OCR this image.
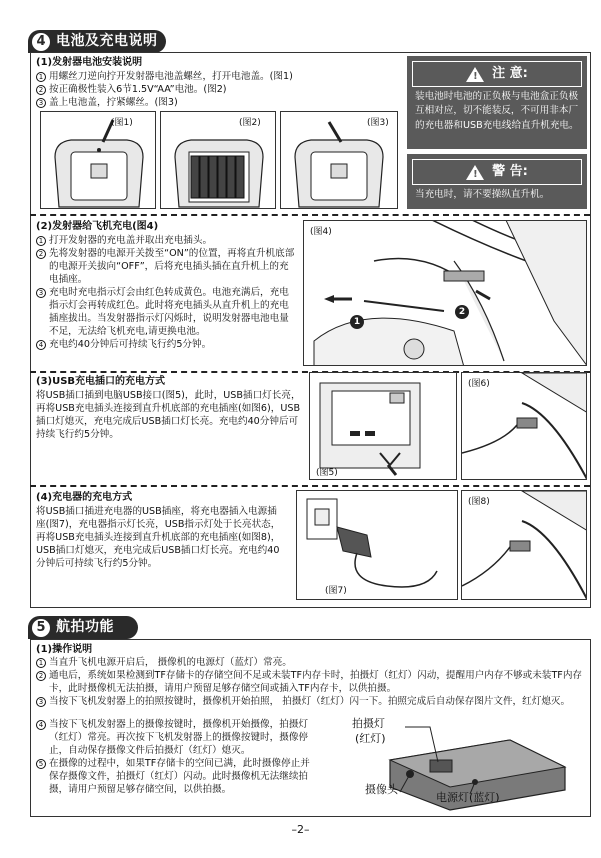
4 电池及充电说明
(1)发射器电池安装说明
1 用螺丝刀逆向拧开发射器电池盖螺丝，打开电池盖。(图1)
2 按正确极性装入6节1.5V“AA”电池。(图2)
3 盖上电池盖，拧紧螺丝。(图3)
(图1)	(图2)	(图3)
! 注 意:
装电池时电池的正负极与电池盒正负极互相对应，切不能装反，不可用非本厂的充电器和USB充电线给直升机充电。
! 警 告:
当充电时，请不要操纵直升机。
(2)发射器给飞机充电(图4)
1 打开发射器的充电盖并取出充电插头。
2 先将发射器的电源开关拨至“ON”的位置，再将直升机底部的电源开关拔向“OFF”，后将充电插头插在直升机上的充电插座。
3 充电时充电指示灯会由红色转成黄色。电池充满后，充电指示灯会再转成红色。此时将充电插头从直升机上的充电插座拔出。当发射器指示灯闪烁时，说明发射器电池电量不足，无法给飞机充电,请更换电池。
4 充电约40分钟后可持续飞行约5分钟。
(图4)
1
2
(3)USB充电插口的充电方式
将USB插口插到电脑USB接口(图5)，此时，USB插口灯长亮，再将USB充电插头连接到直升机底部的充电插座(如图6)，USB插口灯熄灭，充电完成后USB插口灯长亮。充电约40分钟后可持续飞行约5分钟。
(图5)
(图6)
(4)充电器的充电方式
将USB插口插进充电器的USB插座，将充电器插入电源插座(图7)，充电器指示灯长亮，USB指示灯处于长亮状态，再将USB充电插头连接到直升机底部的充电插座(如图8)，USB插口灯熄灭，充电完成后USB插口灯长亮。充电约40分钟后可持续飞行约5分钟。
(图7)
(图8)
5 航拍功能
(1)操作说明
1 当直升飞机电源开启后， 摄像机的电源灯（蓝灯）常亮。
2 通电后，系统如果检测到TF存储卡的存储空间不足或未装TF内存卡时，拍摄灯（红灯）闪动，提醒用户内存不够或未装TF内存卡，此时摄像机无法拍摄，请用户预留足够存储空间或插入TF内存卡，以供拍摄。
3 当按下飞机发射器上的拍照按键时，摄像机开始拍照， 拍摄灯（红灯）闪一下。拍照完成后自动保存图片文件，红灯熄灭。
4 当按下飞机发射器上的摄像按键时，摄像机开始摄像，拍摄灯（红灯）常亮。再次按下飞机发射器上的摄像按键时，摄像停止，自动保存摄像文件后拍摄灯（红灯）熄灭。
5 在摄像的过程中，如果TF存储卡的空间已满，此时摄像停止并保存摄像文件，拍摄灯（红灯）闪动。此时摄像机无法继续拍摄，请用户预留足够存储空间，以供拍摄。
拍摄灯
(红灯)
摄像头
电源灯(蓝灯)
–2–
